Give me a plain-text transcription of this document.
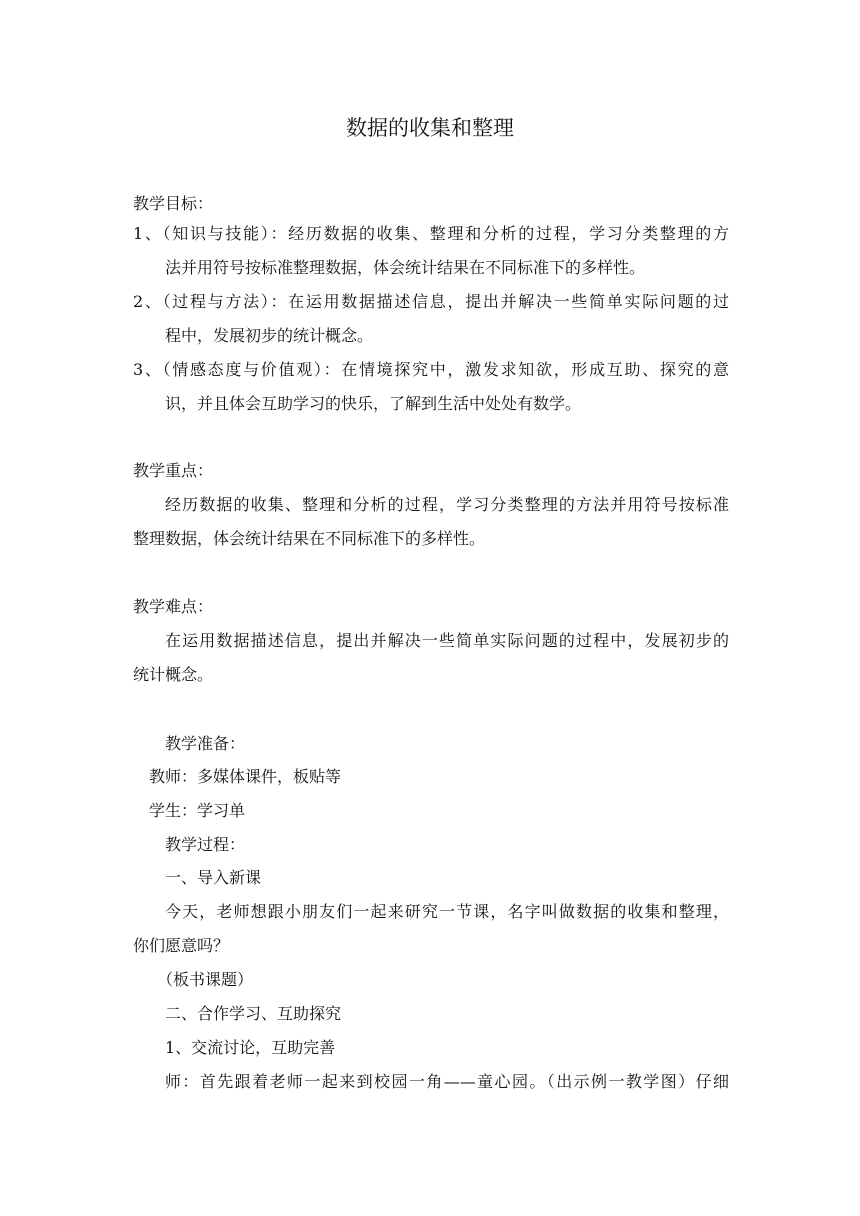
数据的收集和整理
教学目标：
1、（知识与技能）：经历数据的收集、整理和分析的过程，学习分类整理的方
法并用符号按标准整理数据，体会统计结果在不同标准下的多样性。
2、（过程与方法）：在运用数据描述信息，提出并解决一些简单实际问题的过
程中，发展初步的统计概念。
3、（情感态度与价值观）：在情境探究中，激发求知欲，形成互助、探究的意
识，并且体会互助学习的快乐，了解到生活中处处有数学。
教学重点：
经历数据的收集、整理和分析的过程，学习分类整理的方法并用符号按标准
整理数据，体会统计结果在不同标准下的多样性。
教学难点：
在运用数据描述信息，提出并解决一些简单实际问题的过程中，发展初步的
统计概念。
教学准备：
教师：多媒体课件，板贴等
学生：学习单
教学过程：
一、导入新课
今天，老师想跟小朋友们一起来研究一节课，名字叫做数据的收集和整理，
你们愿意吗？
（板书课题）
二、合作学习、互助探究
1、交流讨论，互助完善
师：首先跟着老师一起来到校园一角——童心园。（出示例一教学图）仔细
